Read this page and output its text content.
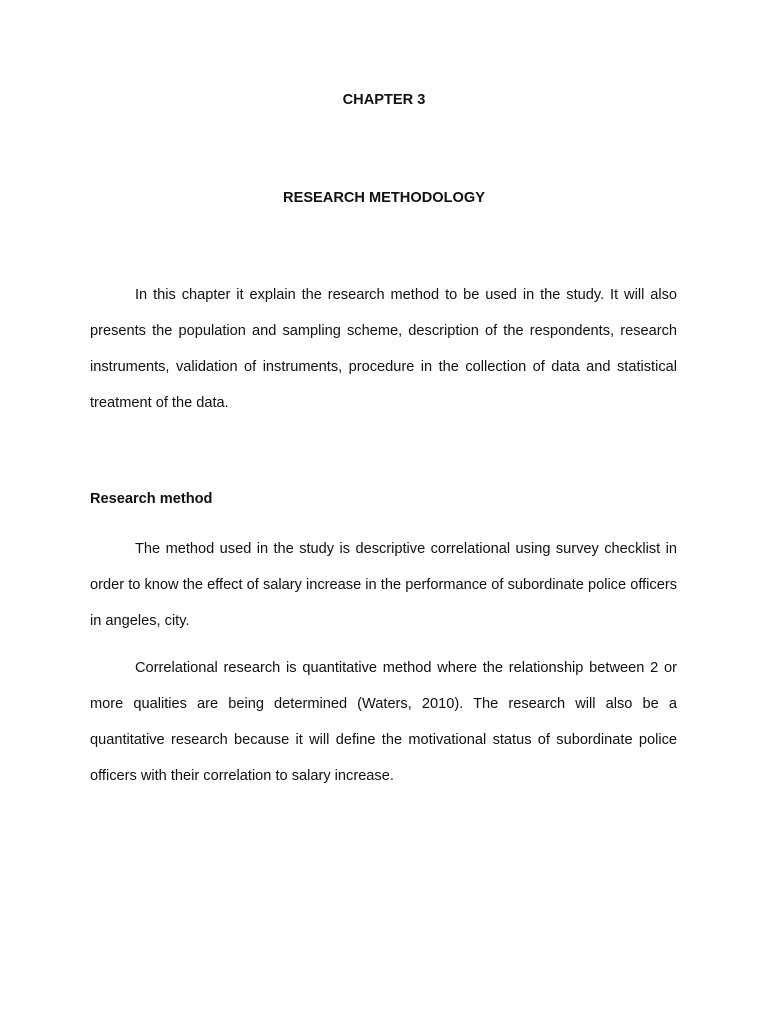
CHAPTER 3
RESEARCH METHODOLOGY

In this chapter it explain the research method to be used in the study. It will also presents the population and sampling scheme, description of the respondents, research instruments, validation of instruments, procedure in the collection of data and statistical treatment of the data.

Research method

The method used in the study is descriptive correlational using survey checklist in order to know the effect of salary increase in the performance of subordinate police officers in angeles, city.

Correlational research is quantitative method where the relationship between 2 or more qualities are being determined (Waters, 2010). The research will also be a quantitative research because it will define the motivational status of subordinate police officers with their correlation to salary increase.
